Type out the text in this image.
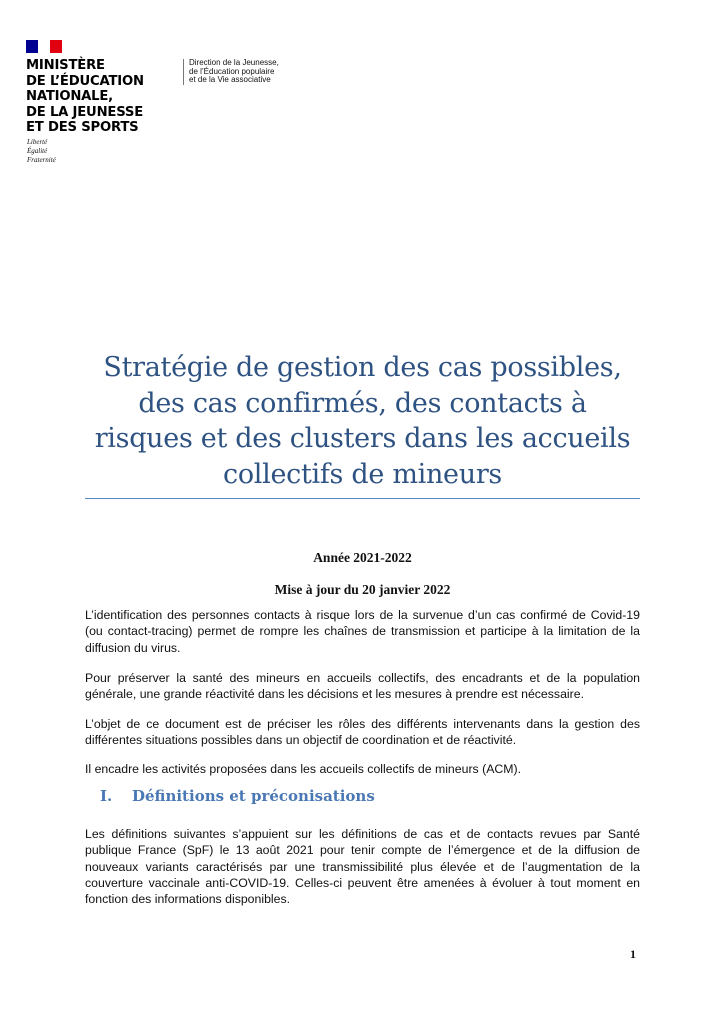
MINISTÈRE
DE L’ÉDUCATION
NATIONALE,
DE LA JEUNESSE
ET DES SPORTS
Liberté
Égalité
Fraternité
Direction de la Jeunesse,
de l’Éducation populaire
et de la Vie associative
Stratégie de gestion des cas possibles,
des cas confirmés, des contacts à
risques et des clusters dans les accueils
collectifs de mineurs
Année 2021-2022
Mise à jour du 20 janvier 2022
L’identification des personnes contacts à risque lors de la survenue d’un cas confirmé de Covid-19 (ou contact-tracing) permet de rompre les chaînes de transmission et participe à la limitation de la diffusion du virus.
Pour préserver la santé des mineurs en accueils collectifs, des encadrants et de la population générale, une grande réactivité dans les décisions et les mesures à prendre est nécessaire.
L’objet de ce document est de préciser les rôles des différents intervenants dans la gestion des différentes situations possibles dans un objectif de coordination et de réactivité.
Il encadre les activités proposées dans les accueils collectifs de mineurs (ACM).
I. Définitions et préconisations
Les définitions suivantes s’appuient sur les définitions de cas et de contacts revues par Santé publique France (SpF) le 13 août 2021 pour tenir compte de l’émergence et de la diffusion de nouveaux variants caractérisés par une transmissibilité plus élevée et de l’augmentation de la couverture vaccinale anti-COVID-19. Celles-ci peuvent être amenées à évoluer à tout moment en fonction des informations disponibles.
1
